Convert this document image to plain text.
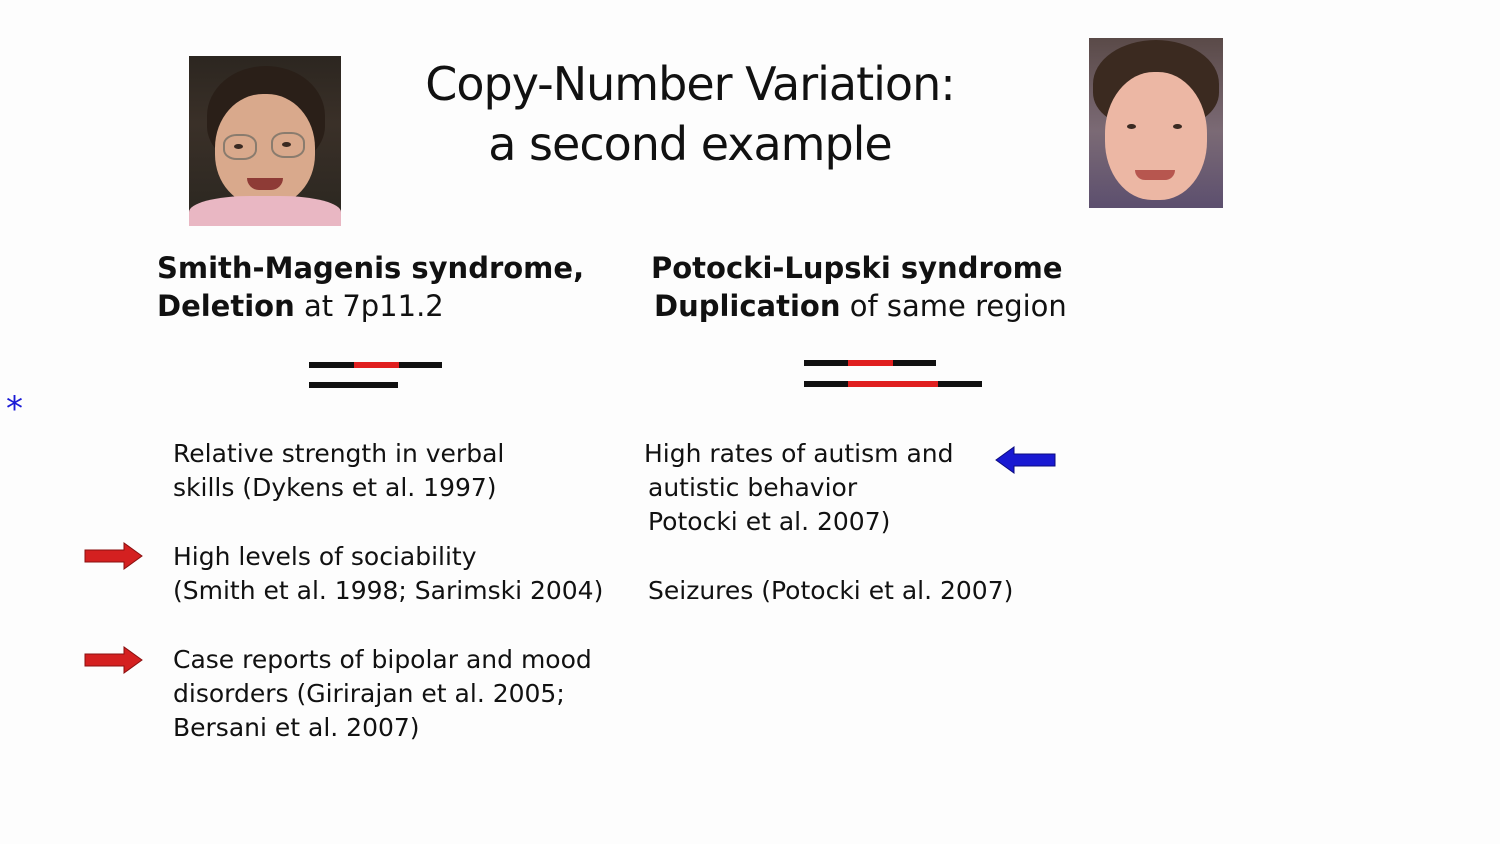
Copy-Number Variation:
a second example
Smith-Magenis syndrome,
Deletion at 7p11.2
Potocki-Lupski syndrome
Duplication of same region
*
Relative strength in verbal
skills (Dykens et al. 1997)
High levels of sociability
(Smith et al. 1998; Sarimski 2004)
Case reports of bipolar and mood
disorders (Girirajan et al. 2005;
Bersani et al. 2007)
High rates of autism and
autistic behavior
Potocki et al. 2007)
Seizures (Potocki et al. 2007)
